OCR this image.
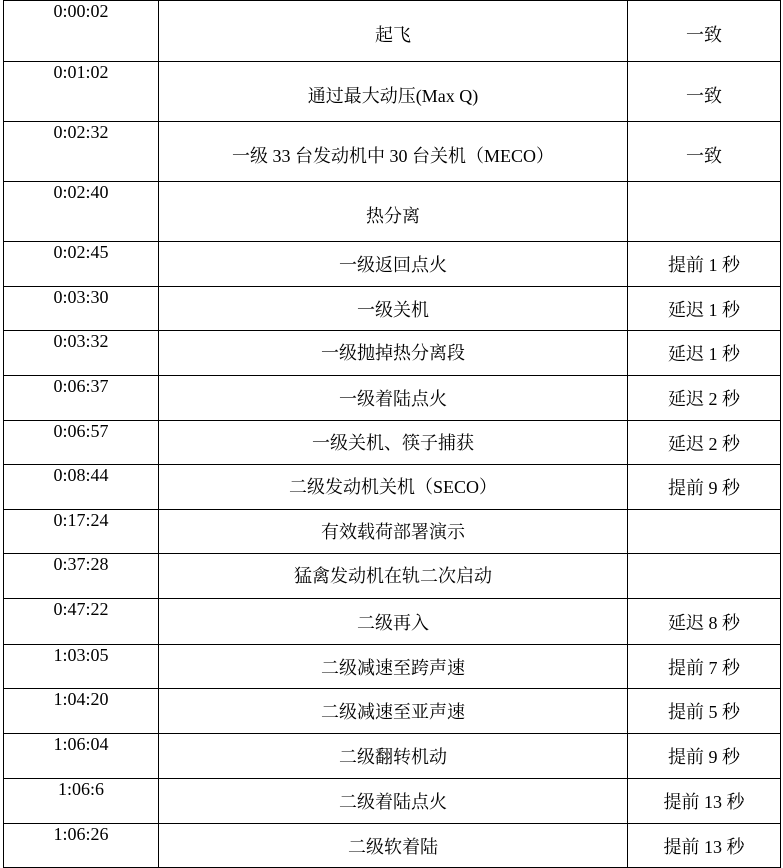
0:00:02	起飞	一致
0:01:02	通过最大动压(Max Q)	一致
0:02:32	一级 33 台发动机中 30 台关机（MECO）	一致
0:02:40	热分离	
0:02:45	一级返回点火	提前 1 秒
0:03:30	一级关机	延迟 1 秒
0:03:32	一级抛掉热分离段	延迟 1 秒
0:06:37	一级着陆点火	延迟 2 秒
0:06:57	一级关机、筷子捕获	延迟 2 秒
0:08:44	二级发动机关机（SECO）	提前 9 秒
0:17:24	有效载荷部署演示	
0:37:28	猛禽发动机在轨二次启动	
0:47:22	二级再入	延迟 8 秒
1:03:05	二级减速至跨声速	提前 7 秒
1:04:20	二级减速至亚声速	提前 5 秒
1:06:04	二级翻转机动	提前 9 秒
1:06:6	二级着陆点火	提前 13 秒
1:06:26	二级软着陆	提前 13 秒
